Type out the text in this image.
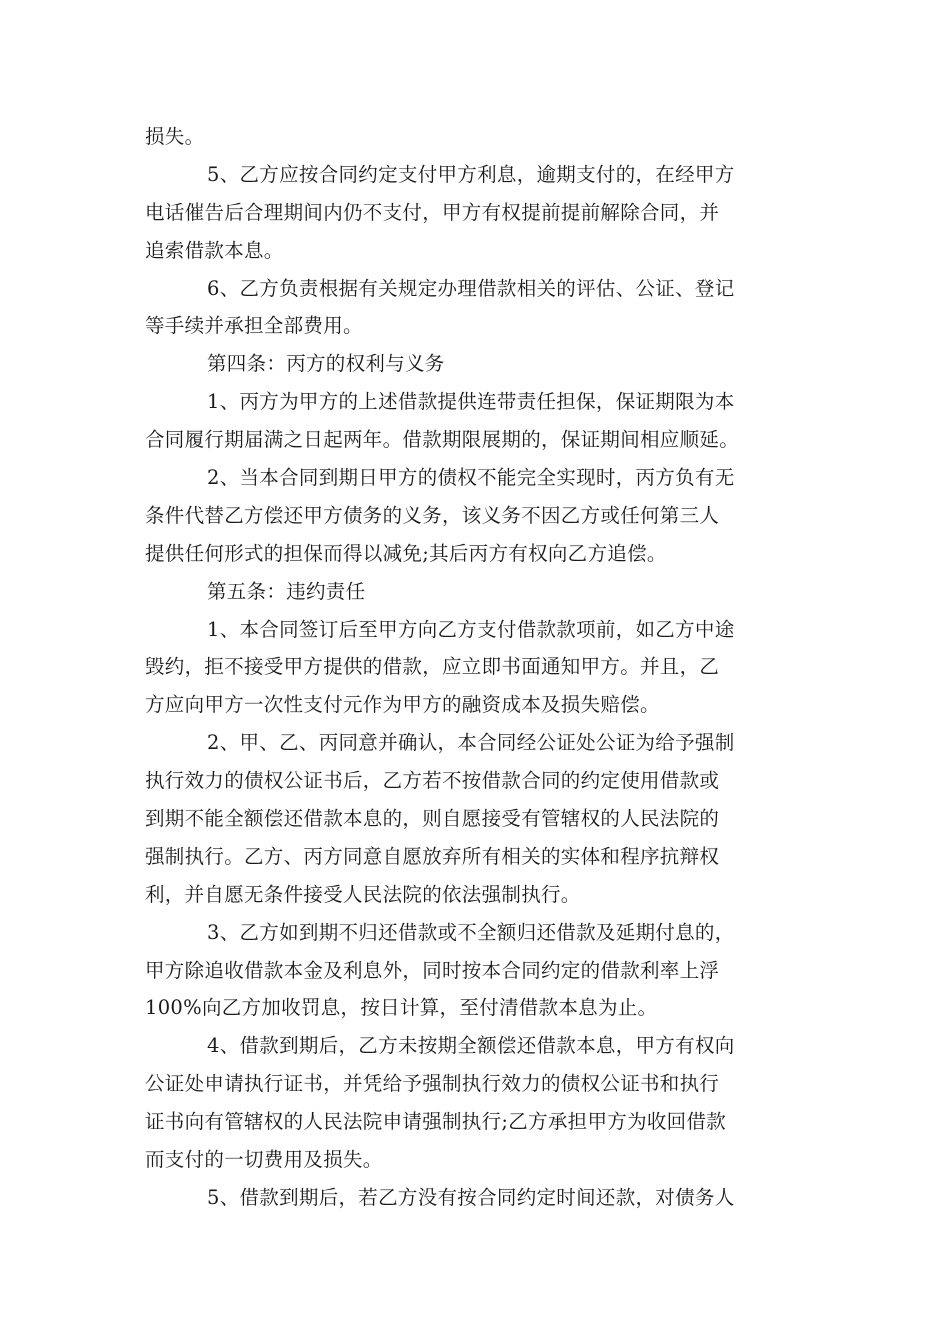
损失。
5、乙方应按合同约定支付甲方利息，逾期支付的，在经甲方
电话催告后合理期间内仍不支付，甲方有权提前提前解除合同，并
追索借款本息。
6、乙方负责根据有关规定办理借款相关的评估、公证、登记
等手续并承担全部费用。
第四条：丙方的权利与义务
1、丙方为甲方的上述借款提供连带责任担保，保证期限为本
合同履行期届满之日起两年。借款期限展期的，保证期间相应顺延。
2、当本合同到期日甲方的债权不能完全实现时，丙方负有无
条件代替乙方偿还甲方债务的义务，该义务不因乙方或任何第三人
提供任何形式的担保而得以减免;其后丙方有权向乙方追偿。
第五条：违约责任
1、本合同签订后至甲方向乙方支付借款款项前，如乙方中途
毁约，拒不接受甲方提供的借款，应立即书面通知甲方。并且，乙
方应向甲方一次性支付元作为甲方的融资成本及损失赔偿。
2、甲、乙、丙同意并确认，本合同经公证处公证为给予强制
执行效力的债权公证书后，乙方若不按借款合同的约定使用借款或
到期不能全额偿还借款本息的，则自愿接受有管辖权的人民法院的
强制执行。乙方、丙方同意自愿放弃所有相关的实体和程序抗辩权
利，并自愿无条件接受人民法院的依法强制执行。
3、乙方如到期不归还借款或不全额归还借款及延期付息的，
甲方除追收借款本金及利息外，同时按本合同约定的借款利率上浮
100%向乙方加收罚息，按日计算，至付清借款本息为止。
4、借款到期后，乙方未按期全额偿还借款本息，甲方有权向
公证处申请执行证书，并凭给予强制执行效力的债权公证书和执行
证书向有管辖权的人民法院申请强制执行;乙方承担甲方为收回借款
而支付的一切费用及损失。
5、借款到期后，若乙方没有按合同约定时间还款，对债务人
